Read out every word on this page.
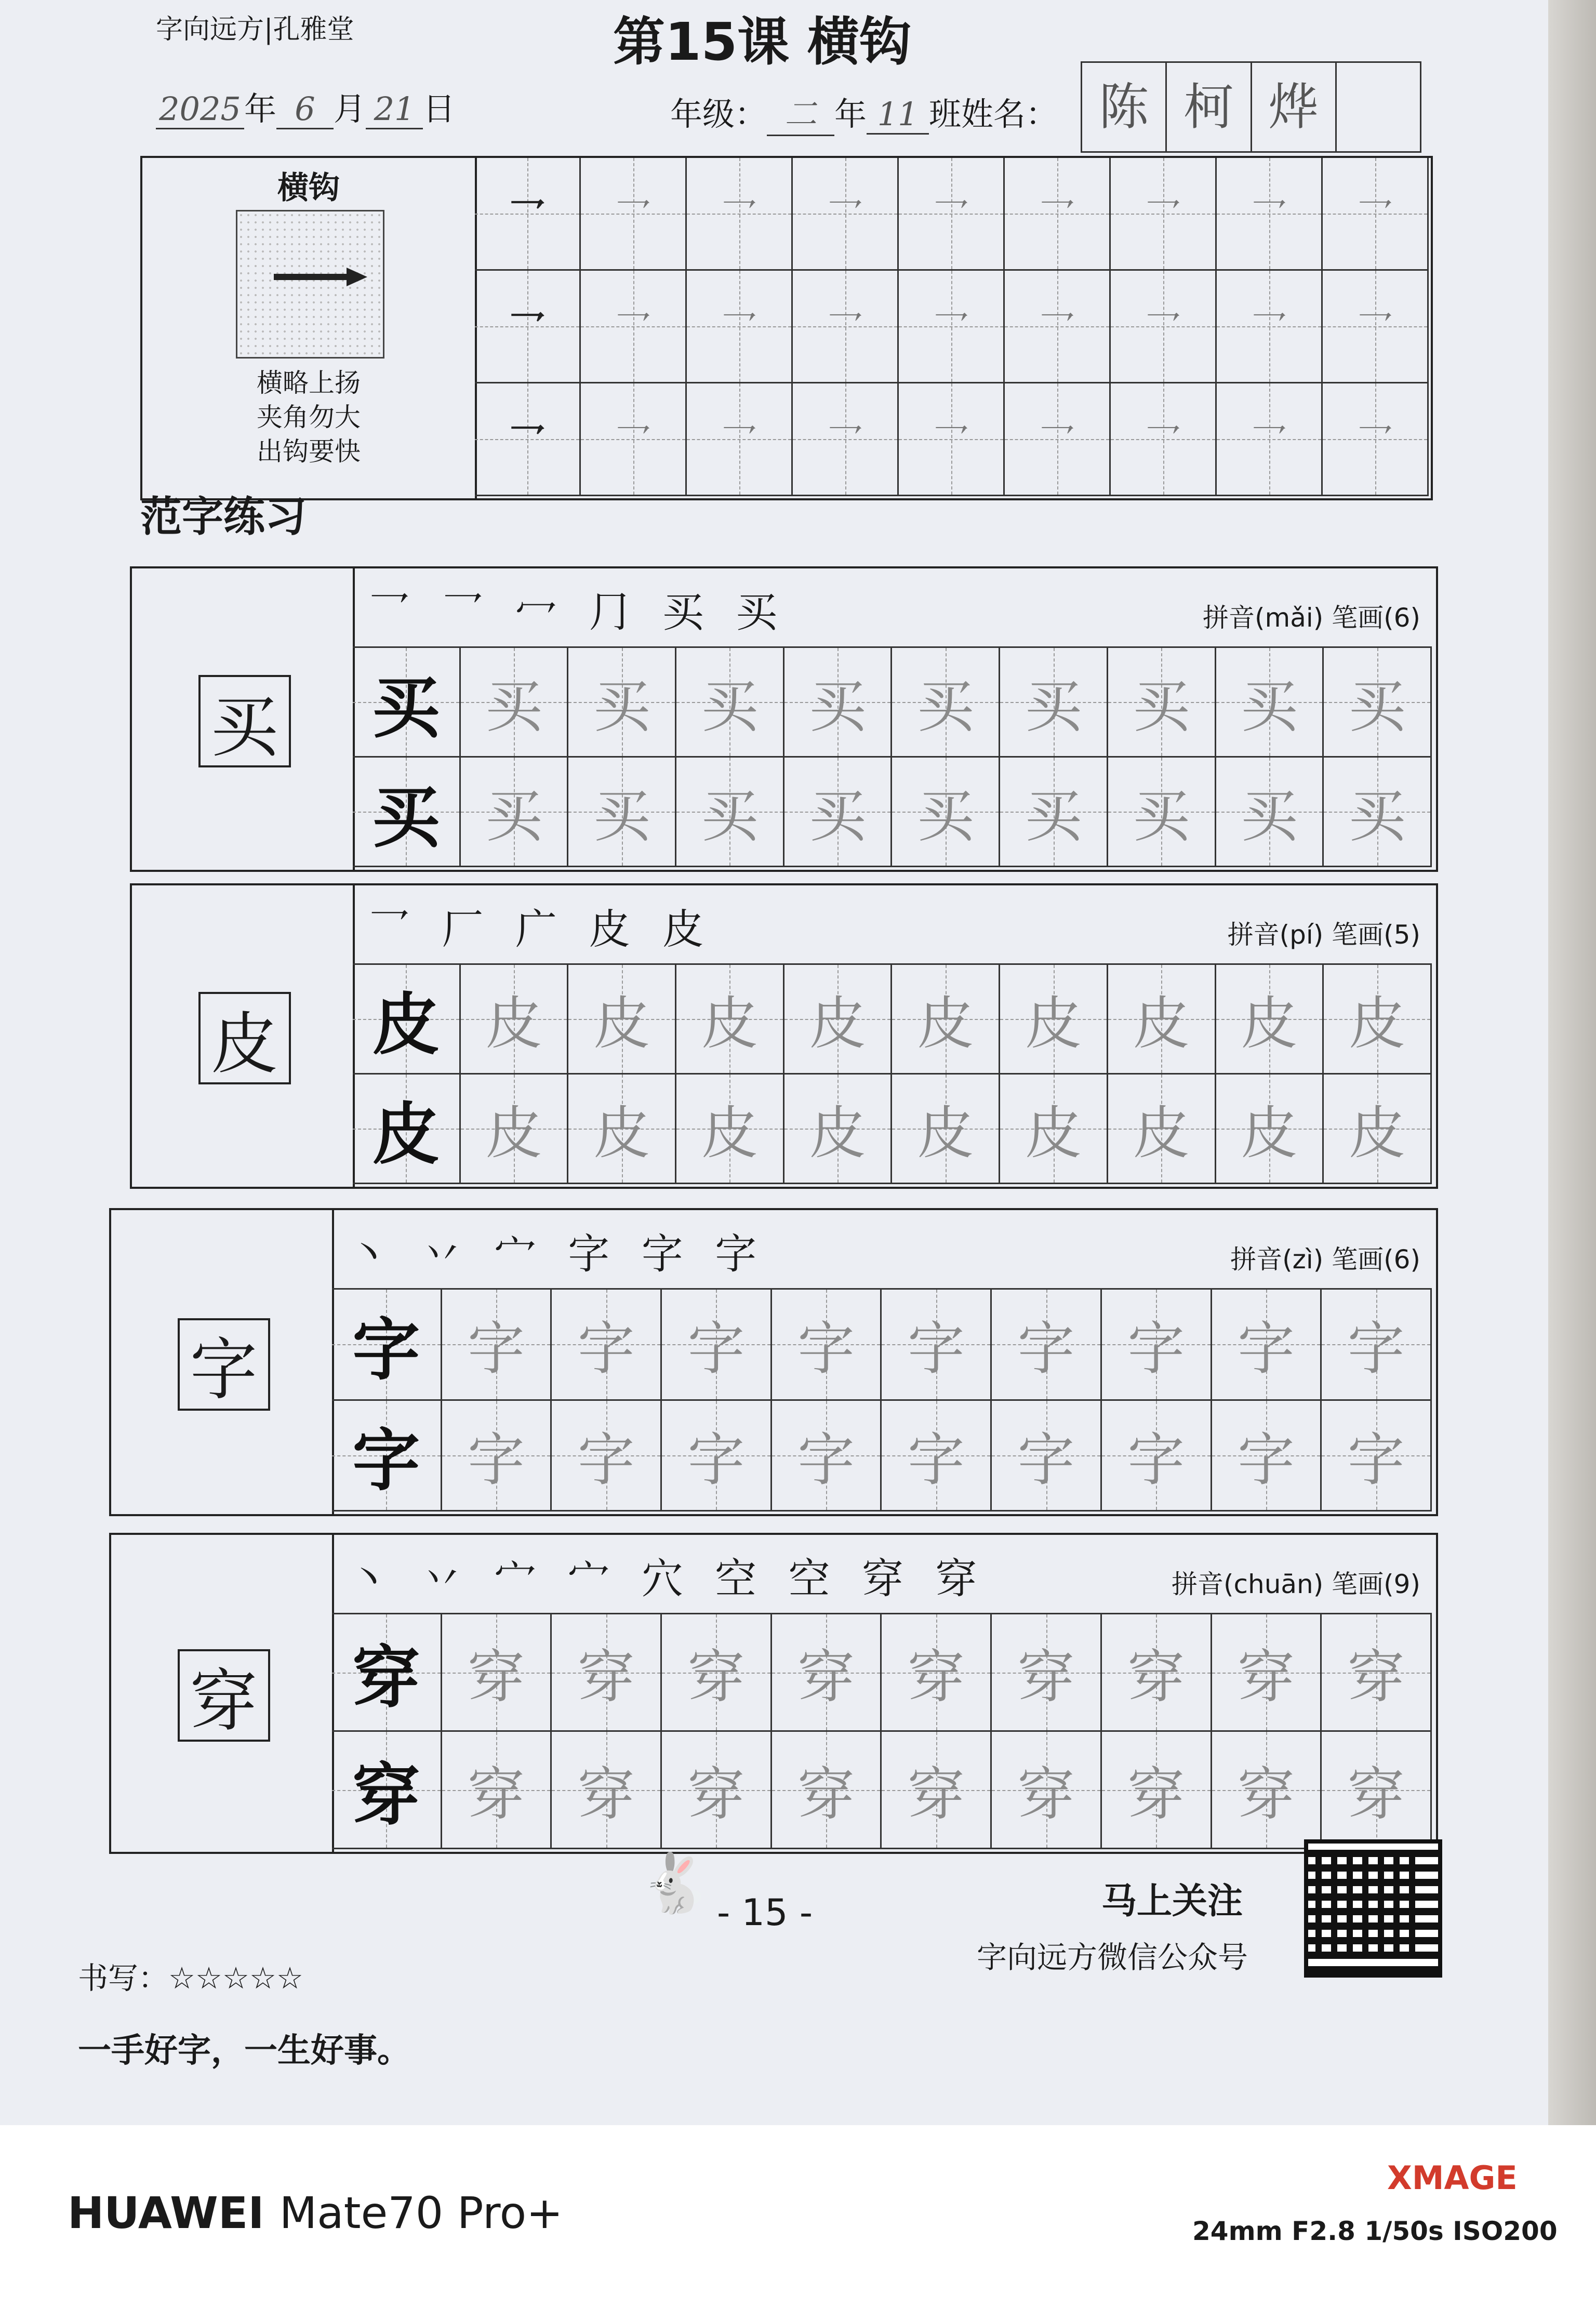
字向远方|孔雅堂	第15课 横钩
2025年 6 月 21 日	年级： 二 年 11 班姓名： 陈 柯 烨
横钩
横略上扬
夹角勿大
出钩要快
乛 乛 乛 乛 乛 乛 乛 乛 乛
乛 乛 乛 乛 乛 乛 乛 乛 乛
乛 乛 乛 乛 乛 乛 乛 乛 乛
范字练习
买
乛 乛 冖 ⺆ 买 买	拼音(mǎi) 笔画(6)
买 买 买 买 买 买 买 买 买 买
买 买 买 买 买 买 买 买 买 买
皮
乛 厂 广 皮 皮	拼音(pí) 笔画(5)
皮 皮 皮 皮 皮 皮 皮 皮 皮 皮
皮 皮 皮 皮 皮 皮 皮 皮 皮 皮
字
丶 丷 宀 字 字 字	拼音(zì) 笔画(6)
字 字 字 字 字 字 字 字 字 字
字 字 字 字 字 字 字 字 字 字
穿
丶 丷 宀 宀 穴 空 空 穿 穿	拼音(chuān) 笔画(9)
穿 穿 穿 穿 穿 穿 穿 穿 穿 穿
穿 穿 穿 穿 穿 穿 穿 穿 穿 穿
书写：☆☆☆☆☆
🐇 - 15 -
一手好字，一生好事。
马上关注
字向远方微信公众号
HUAWEI Mate70 Pro+
XMAGE
24mm F2.8 1/50s ISO200
